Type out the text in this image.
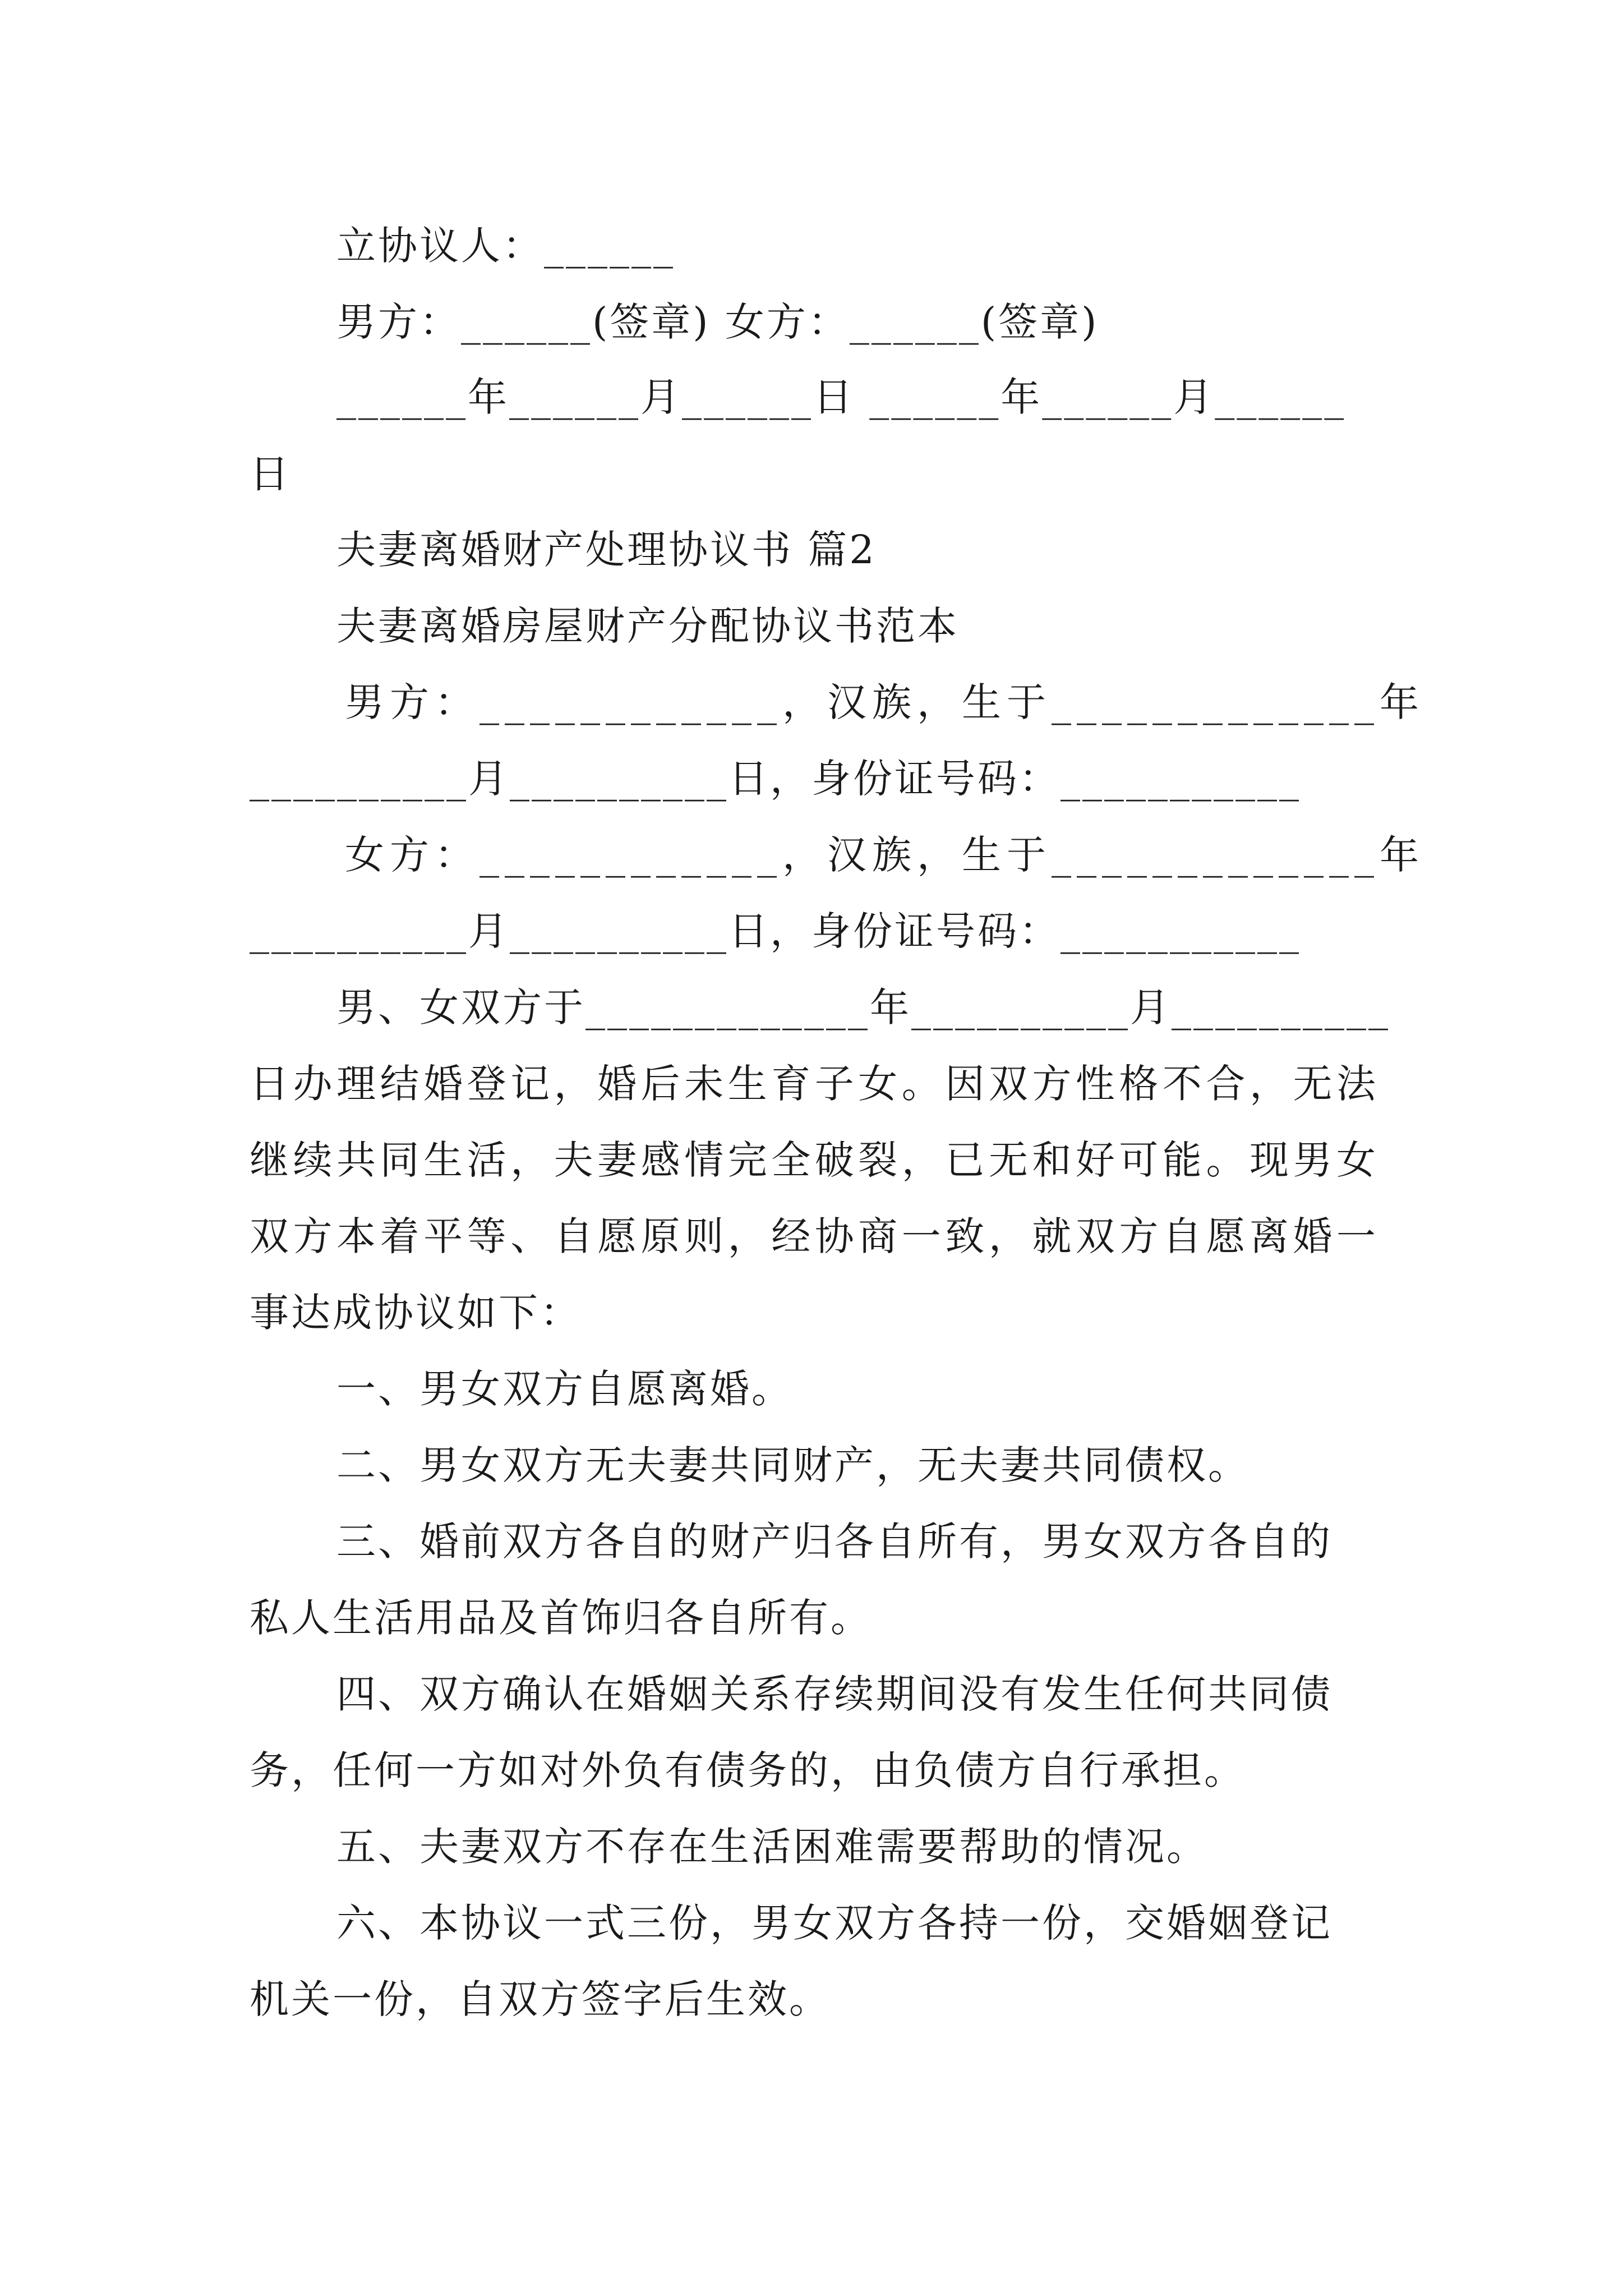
立协议人：______
男方：______(签章) 女方：______(签章)
______年______月______日 ______年______月______
日
夫妻离婚财产处理协议书 篇2
夫妻离婚房屋财产分配协议书范本
男方：____________，汉族，生于_____________年
__________月__________日，身份证号码：___________
女方：____________，汉族，生于_____________年
__________月__________日，身份证号码：___________
男、女双方于_____________年__________月__________
日办理结婚登记，婚后未生育子女。因双方性格不合，无法
继续共同生活，夫妻感情完全破裂，已无和好可能。现男女
双方本着平等、自愿原则，经协商一致，就双方自愿离婚一
事达成协议如下：
一、男女双方自愿离婚。
二、男女双方无夫妻共同财产，无夫妻共同债权。
三、婚前双方各自的财产归各自所有，男女双方各自的
私人生活用品及首饰归各自所有。
四、双方确认在婚姻关系存续期间没有发生任何共同债
务，任何一方如对外负有债务的，由负债方自行承担。
五、夫妻双方不存在生活困难需要帮助的情况。
六、本协议一式三份，男女双方各持一份，交婚姻登记
机关一份，自双方签字后生效。
